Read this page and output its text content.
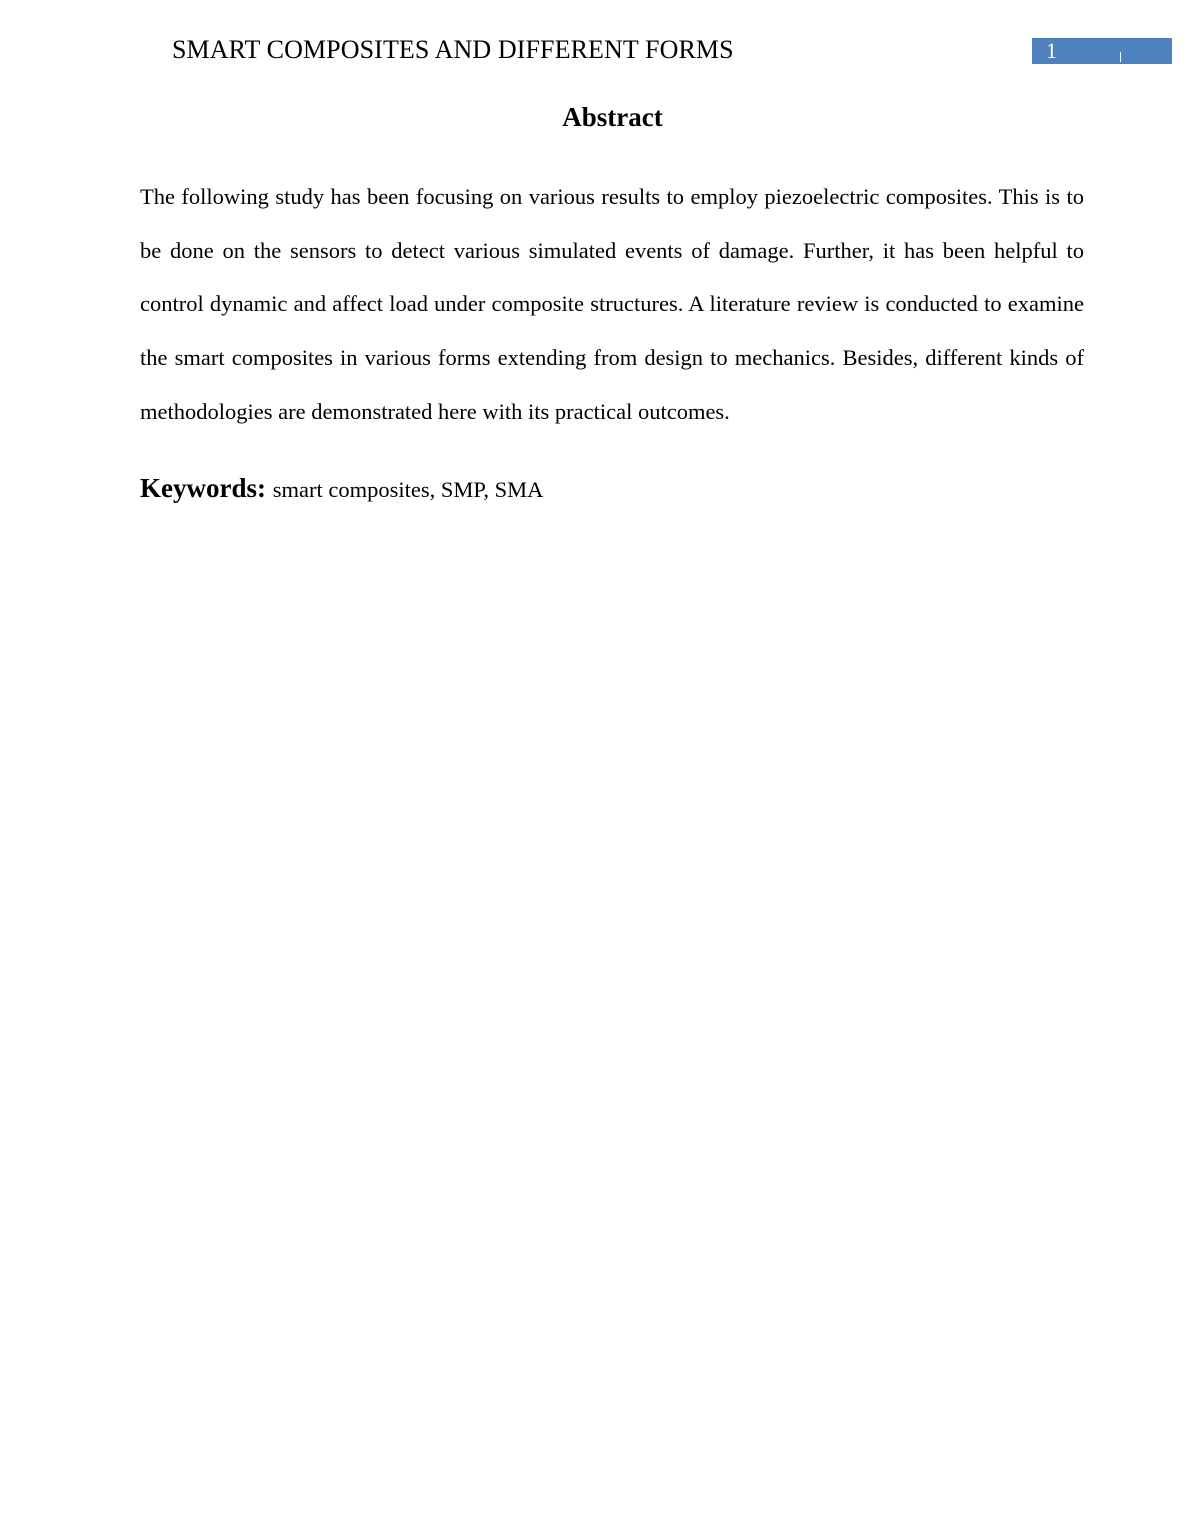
SMART COMPOSITES AND DIFFERENT FORMS	1
Abstract

The following study has been focusing on various results to employ piezoelectric composites. This is to be done on the sensors to detect various simulated events of damage. Further, it has been helpful to control dynamic and affect load under composite structures. A literature review is conducted to examine the smart composites in various forms extending from design to mechanics. Besides, different kinds of methodologies are demonstrated here with its practical outcomes.

Keywords: smart composites, SMP, SMA
